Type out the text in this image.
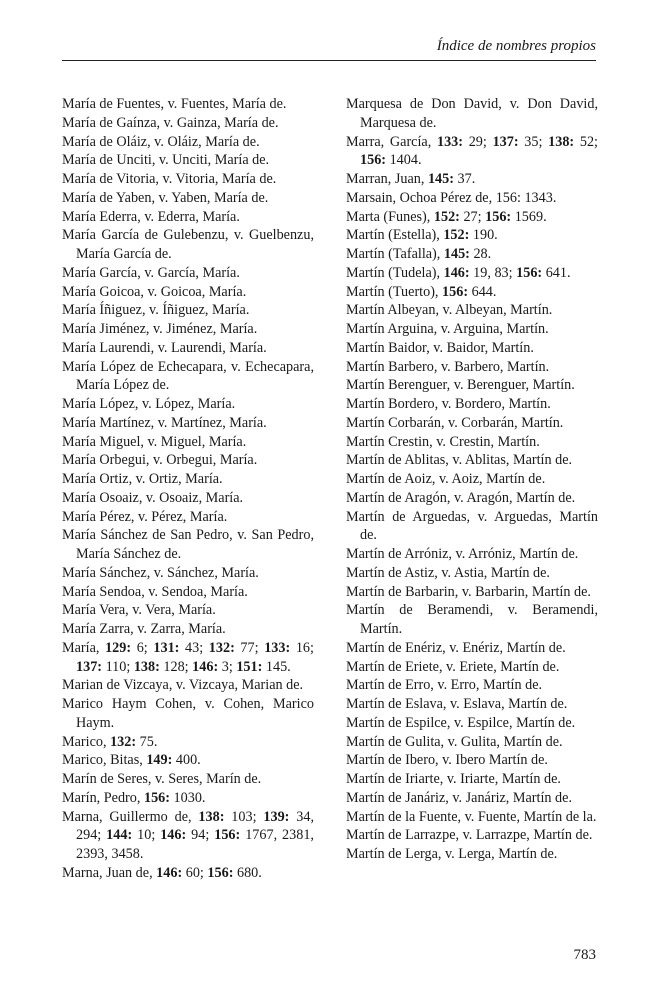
Índice de nombres propios
María de Fuentes, v. Fuentes, María de.
María de Gaínza, v. Gainza, María de.
María de Oláiz, v. Oláiz, María de.
María de Unciti, v. Unciti, María de.
María de Vitoria, v. Vitoria, María de.
María de Yaben, v. Yaben, María de.
María Ederra, v. Ederra, María.
María García de Gulebenzu, v. Guelbenzu, María García de.
María García, v. García, María.
María Goicoa, v. Goicoa, María.
María Íñiguez, v. Íñiguez, María.
María Jiménez, v. Jiménez, María.
María Laurendi, v. Laurendi, María.
María López de Echecapara, v. Echecapara, María López de.
María López, v. López, María.
María Martínez, v. Martínez, María.
María Miguel, v. Miguel, María.
María Orbegui, v. Orbegui, María.
María Ortiz, v. Ortiz, María.
María Osoaiz, v. Osoaiz, María.
María Pérez, v. Pérez, María.
María Sánchez de San Pedro, v. San Pedro, María Sánchez de.
María Sánchez, v. Sánchez, María.
María Sendoa, v. Sendoa, María.
María Vera, v. Vera, María.
María Zarra, v. Zarra, María.
María, 129: 6; 131: 43; 132: 77; 133: 16; 137: 110; 138: 128; 146: 3; 151: 145.
Marian de Vizcaya, v. Vizcaya, Marian de.
Marico Haym Cohen, v. Cohen, Marico Haym.
Marico, 132: 75.
Marico, Bitas, 149: 400.
Marín de Seres, v. Seres, Marín de.
Marín, Pedro, 156: 1030.
Marna, Guillermo de, 138: 103; 139: 34, 294; 144: 10; 146: 94; 156: 1767, 2381, 2393, 3458.
Marna, Juan de, 146: 60; 156: 680.
Marquesa de Don David, v. Don David, Marquesa de.
Marra, García, 133: 29; 137: 35; 138: 52; 156: 1404.
Marran, Juan, 145: 37.
Marsain, Ochoa Pérez de, 156: 1343.
Marta (Funes), 152: 27; 156: 1569.
Martín (Estella), 152: 190.
Martín (Tafalla), 145: 28.
Martín (Tudela), 146: 19, 83; 156: 641.
Martín (Tuerto), 156: 644.
Martín Albeyan, v. Albeyan, Martín.
Martín Arguina, v. Arguina, Martín.
Martín Baidor, v. Baidor, Martín.
Martín Barbero, v. Barbero, Martín.
Martín Berenguer, v. Berenguer, Martín.
Martín Bordero, v. Bordero, Martín.
Martín Corbarán, v. Corbarán, Martín.
Martín Crestin, v. Crestin, Martín.
Martín de Ablitas, v. Ablitas, Martín de.
Martín de Aoiz, v. Aoiz, Martín de.
Martín de Aragón, v. Aragón, Martín de.
Martín de Arguedas, v. Arguedas, Martín de.
Martín de Arróniz, v. Arróniz, Martín de.
Martín de Astiz, v. Astia, Martín de.
Martín de Barbarin, v. Barbarin, Martín de.
Martín de Beramendi, v. Beramendi, Martín.
Martín de Enériz, v. Enériz, Martín de.
Martín de Eriete, v. Eriete, Martín de.
Martín de Erro, v. Erro, Martín de.
Martín de Eslava, v. Eslava, Martín de.
Martín de Espilce, v. Espilce, Martín de.
Martín de Gulita, v. Gulita, Martín de.
Martín de Ibero, v. Ibero Martín de.
Martín de Iriarte, v. Iriarte, Martín de.
Martín de Janáriz, v. Janáriz, Martín de.
Martín de la Fuente, v. Fuente, Martín de la.
Martín de Larrazpe, v. Larrazpe, Martín de.
Martín de Lerga, v. Lerga, Martín de.
783
